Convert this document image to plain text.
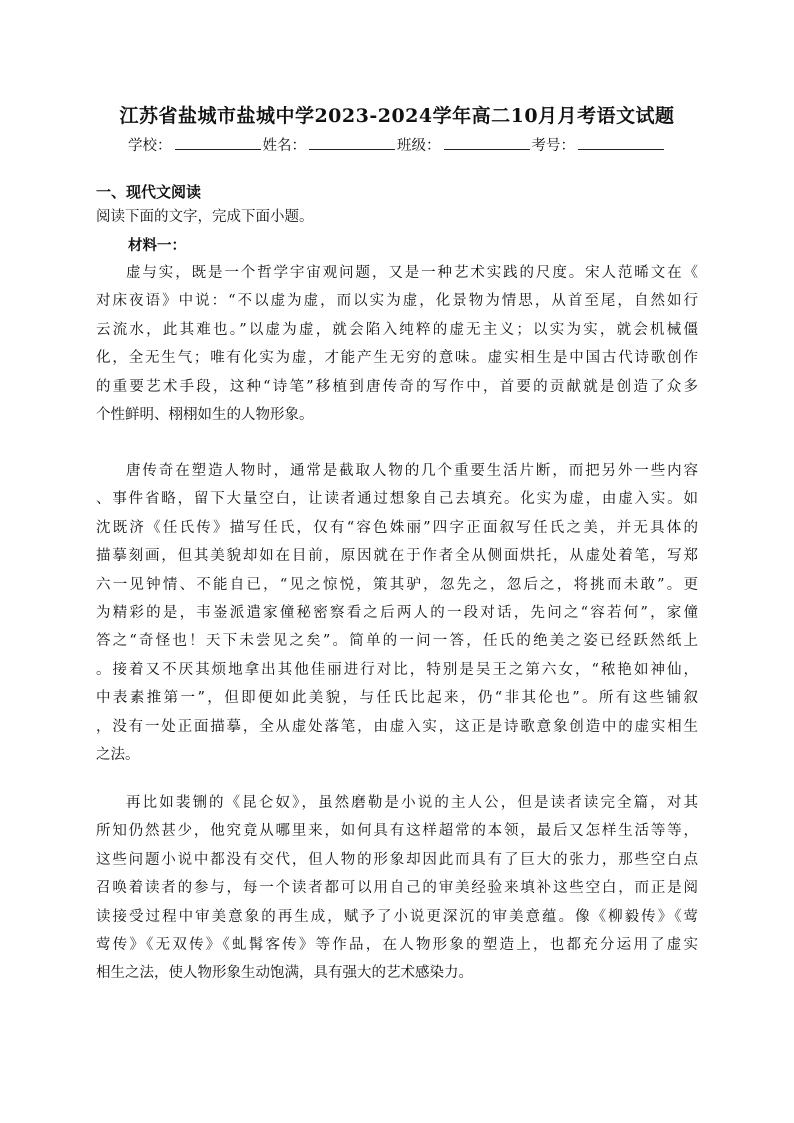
江苏省盐城市盐城中学2023-2024学年高二10月月考语文试题
学校：	姓名：	班级：	考号：
一、现代文阅读
阅读下面的文字，完成下面小题。
材料一：
虚与实，既是一个哲学宇宙观问题，又是一种艺术实践的尺度。宋人范晞文在《
对床夜语》中说：“不以虚为虚，而以实为虚，化景物为情思，从首至尾，自然如行
云流水，此其难也。”以虚为虚，就会陷入纯粹的虚无主义；以实为实，就会机械僵
化，全无生气；唯有化实为虚，才能产生无穷的意味。虚实相生是中国古代诗歌创作
的重要艺术手段，这种“诗笔”移植到唐传奇的写作中，首要的贡献就是创造了众多
个性鲜明、栩栩如生的人物形象。
唐传奇在塑造人物时，通常是截取人物的几个重要生活片断，而把另外一些内容
、事件省略，留下大量空白，让读者通过想象自己去填充。化实为虚，由虚入实。如
沈既济《任氏传》描写任氏，仅有“容色姝丽”四字正面叙写任氏之美，并无具体的
描摹刻画，但其美貌却如在目前，原因就在于作者全从侧面烘托，从虚处着笔，写郑
六一见钟情、不能自已，“见之惊悦，策其驴，忽先之，忽后之，将挑而未敢”。更
为精彩的是，韦崟派遣家僮秘密察看之后两人的一段对话，先问之“容若何”，家僮
答之“奇怪也！天下未尝见之矣”。简单的一问一答，任氏的绝美之姿已经跃然纸上
。接着又不厌其烦地拿出其他佳丽进行对比，特别是吴王之第六女，“秾艳如神仙，
中表素推第一”，但即便如此美貌，与任氏比起来，仍“非其伦也”。所有这些铺叙
，没有一处正面描摹，全从虚处落笔，由虚入实，这正是诗歌意象创造中的虚实相生
之法。
再比如裴铏的《昆仑奴》，虽然磨勒是小说的主人公，但是读者读完全篇，对其
所知仍然甚少，他究竟从哪里来，如何具有这样超常的本领，最后又怎样生活等等，
这些问题小说中都没有交代，但人物的形象却因此而具有了巨大的张力，那些空白点
召唤着读者的参与，每一个读者都可以用自己的审美经验来填补这些空白，而正是阅
读接受过程中审美意象的再生成，赋予了小说更深沉的审美意蕴。像《柳毅传》《莺
莺传》《无双传》《虬髯客传》等作品，在人物形象的塑造上，也都充分运用了虚实
相生之法，使人物形象生动饱满，具有强大的艺术感染力。
